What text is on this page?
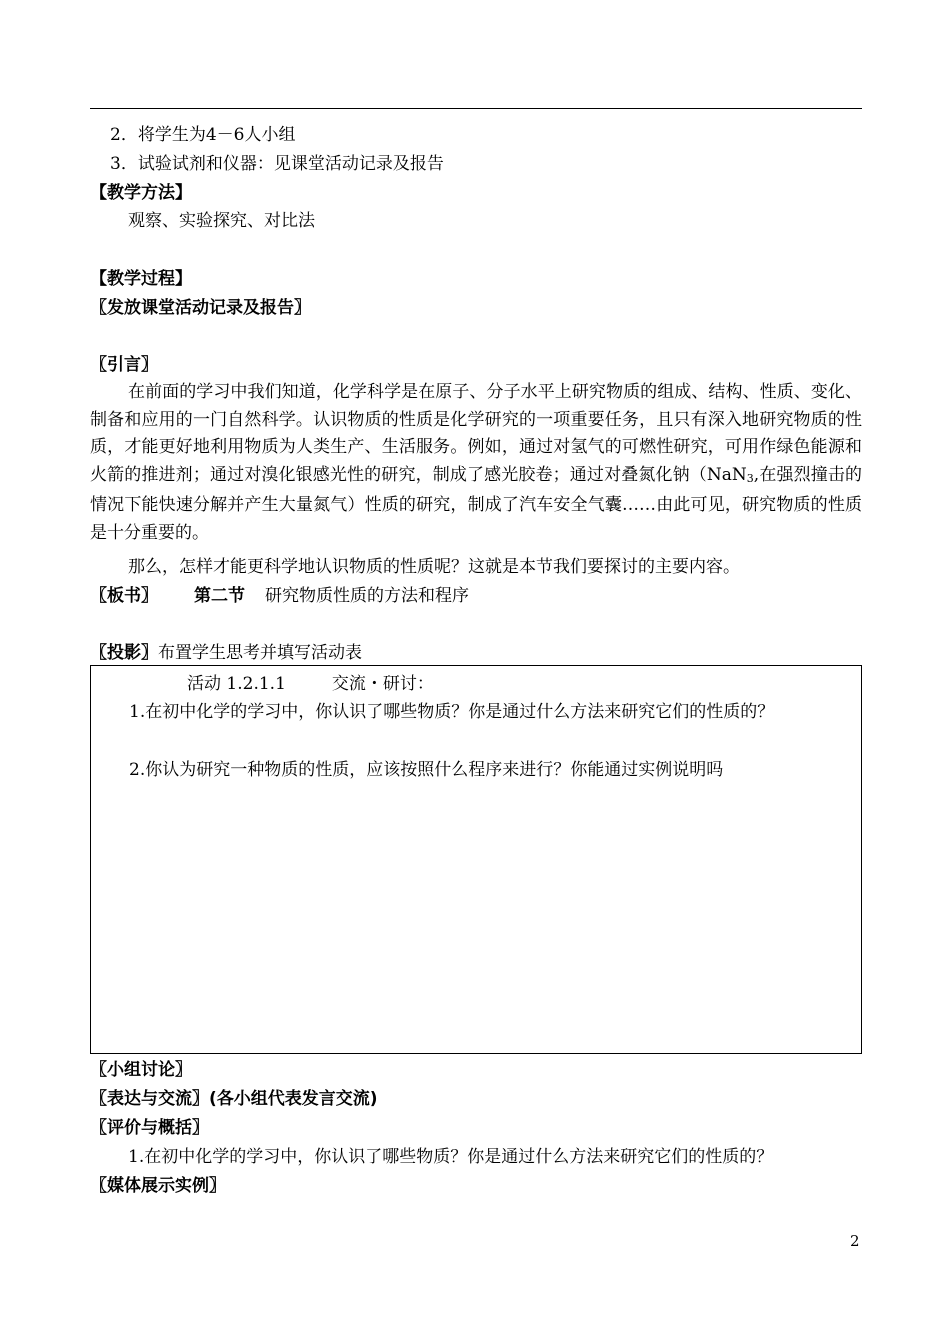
2．将学生为4－6人小组
3．试验试剂和仪器：见课堂活动记录及报告
【教学方法】
观察、实验探究、对比法
【教学过程】
〖发放课堂活动记录及报告〗
〖引言〗
在前面的学习中我们知道，化学科学是在原子、分子水平上研究物质的组成、结构、性质、变化、制备和应用的一门自然科学。认识物质的性质是化学研究的一项重要任务，且只有深入地研究物质的性质，才能更好地利用物质为人类生产、生活服务。例如，通过对氢气的可燃性研究，可用作绿色能源和火箭的推进剂；通过对溴化银感光性的研究，制成了感光胶卷；通过对叠氮化钠（NaN$_3$,在强烈撞击的情况下能快速分解并产生大量氮气）性质的研究，制成了汽车安全气囊……由此可见，研究物质的性质是十分重要的。
那么，怎样才能更科学地认识物质的性质呢？这就是本节我们要探讨的主要内容。
〖板书〗 第二节 研究物质性质的方法和程序
〖投影〗布置学生思考并填写活动表
活动 1.2.1.1	交流・研讨：
1.在初中化学的学习中，你认识了哪些物质？你是通过什么方法来研究它们的性质的？
2.你认为研究一种物质的性质，应该按照什么程序来进行？你能通过实例说明吗
〖小组讨论〗
〖表达与交流〗(各小组代表发言交流)
〖评价与概括〗
1.在初中化学的学习中，你认识了哪些物质？你是通过什么方法来研究它们的性质的？
〖媒体展示实例〗
2
